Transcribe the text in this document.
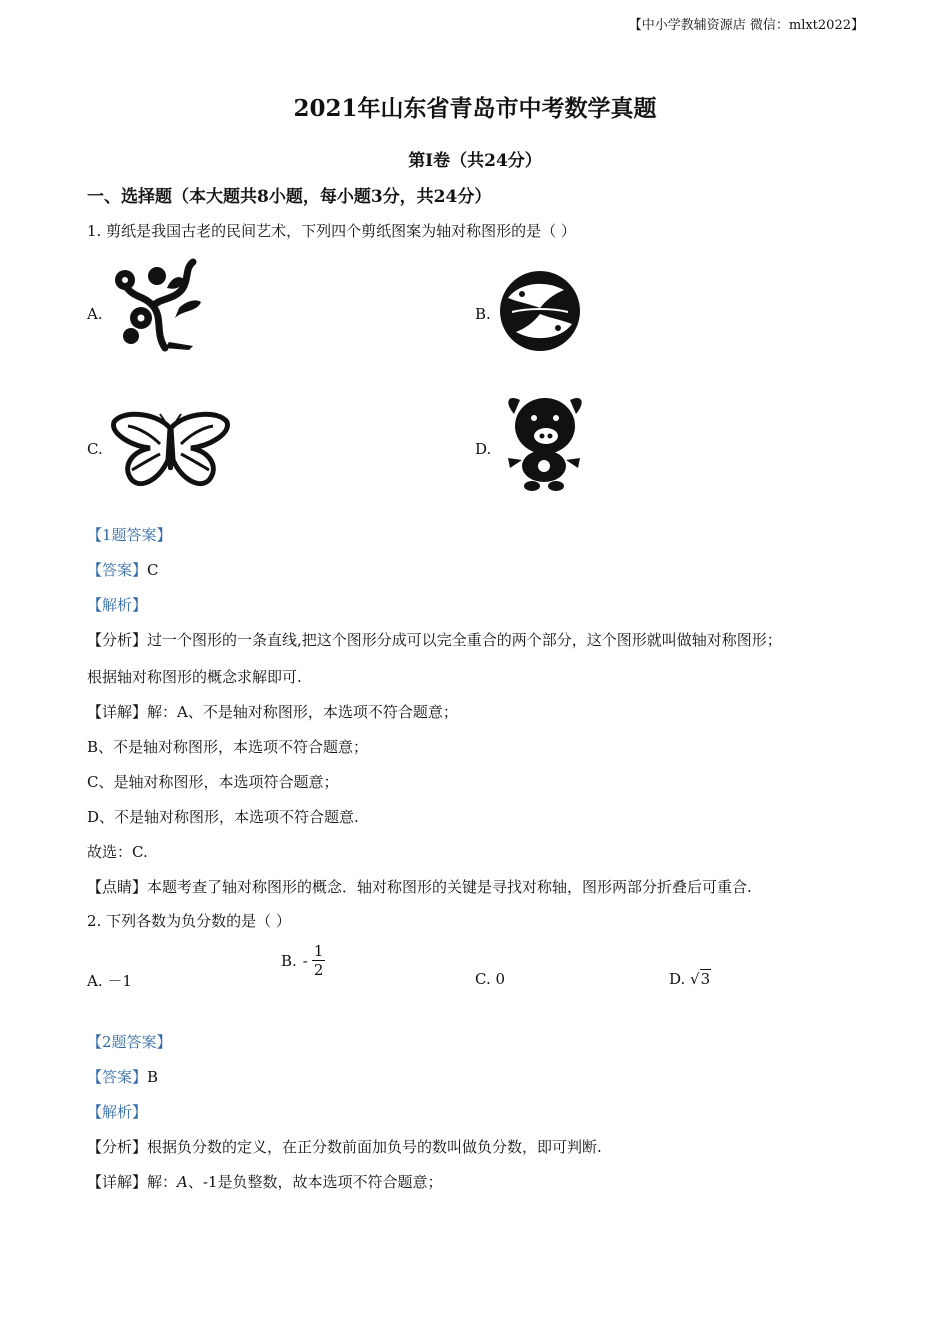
【中小学教辅资源店 微信：mlxt2022】
2021年山东省青岛市中考数学真题
第Ⅰ卷（共24分）
一、选择题（本大题共8小题，每小题3分，共24分）
1. 剪纸是我国古老的民间艺术，下列四个剪纸图案为轴对称图形的是（ ）
A.	B.
C.	D.
【1题答案】
【答案】C
【解析】
【分析】过一个图形的一条直线,把这个图形分成可以完全重合的两个部分，这个图形就叫做轴对称图形；
根据轴对称图形的概念求解即可.
【详解】解：A、不是轴对称图形，本选项不符合题意；
B、不是轴对称图形，本选项不符合题意；
C、是轴对称图形，本选项符合题意；
D、不是轴对称图形，本选项不符合题意.
故选：C.
【点睛】本题考查了轴对称图形的概念．轴对称图形的关键是寻找对称轴，图形两部分折叠后可重合.
2. 下列各数为负分数的是（ ）
A. －1
B. - $\frac{1}{2}$	C. 0	D. √3
【2题答案】
【答案】B
【解析】
【分析】根据负分数的定义，在正分数前面加负号的数叫做负分数，即可判断.
【详解】解：A、-1是负整数，故本选项不符合题意；
